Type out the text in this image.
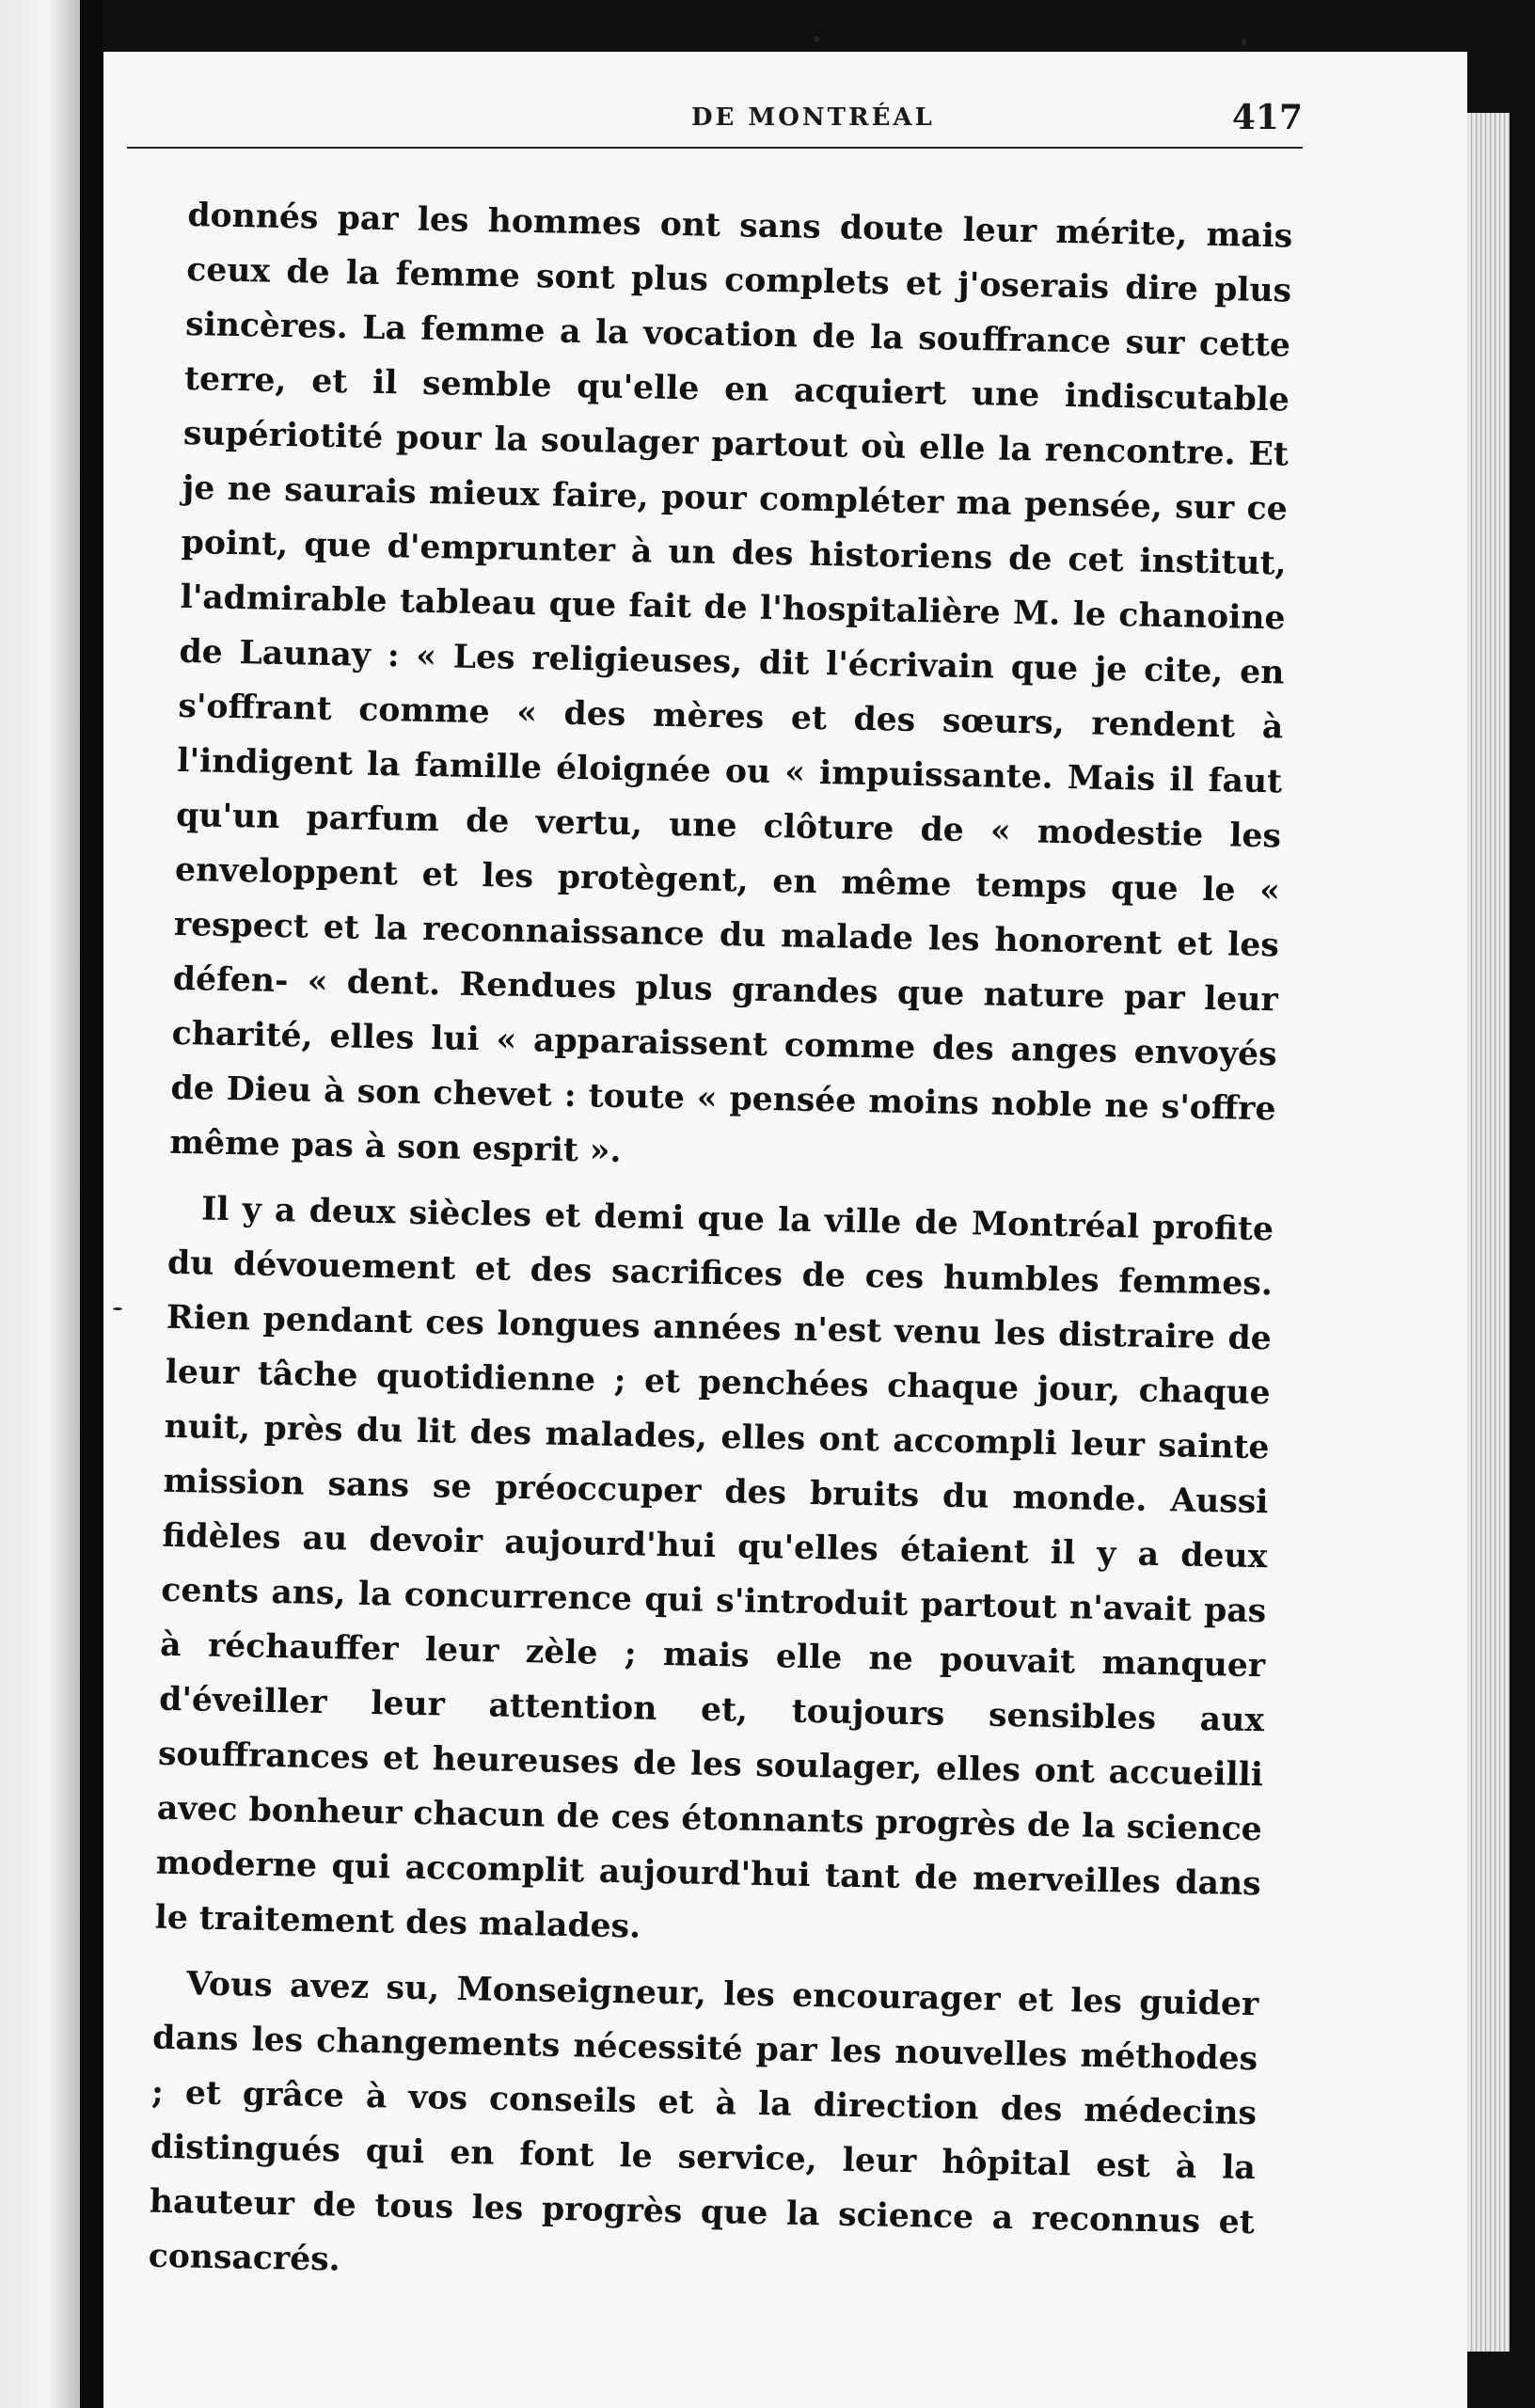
DE MONTRÉAL	417

donnés par les hommes ont sans doute leur mérite, mais ceux de la femme sont plus complets et j'oserais dire plus sincères. La femme a la vocation de la souffrance sur cette terre, et il semble qu'elle en acquiert une indiscutable supériotité pour la soulager partout où elle la rencontre. Et je ne saurais mieux faire, pour compléter ma pensée, sur ce point, que d'emprunter à un des historiens de cet institut, l'admirable tableau que fait de l'hospitalière M. le chanoine de Launay : « Les religieuses, dit l'écrivain que je cite, en s'offrant comme « des mères et des sœurs, rendent à l'indigent la famille éloignée ou « impuissante. Mais il faut qu'un parfum de vertu, une clôture de « modestie les enveloppent et les protègent, en même temps que le « respect et la reconnaissance du malade les honorent et les défen- « dent. Rendues plus grandes que nature par leur charité, elles lui « apparaissent comme des anges envoyés de Dieu à son chevet : toute « pensée moins noble ne s'offre même pas à son esprit ».

Il y a deux siècles et demi que la ville de Montréal profite du dévouement et des sacrifices de ces humbles femmes. Rien pendant ces longues années n'est venu les distraire de leur tâche quotidienne ; et penchées chaque jour, chaque nuit, près du lit des malades, elles ont accompli leur sainte mission sans se préoccuper des bruits du monde. Aussi fidèles au devoir aujourd'hui qu'elles étaient il y a deux cents ans, la concurrence qui s'introduit partout n'avait pas à réchauffer leur zèle ; mais elle ne pouvait manquer d'éveiller leur attention et, toujours sensibles aux souffrances et heureuses de les soulager, elles ont accueilli avec bonheur chacun de ces étonnants progrès de la science moderne qui accomplit aujourd'hui tant de merveilles dans le traitement des malades.

Vous avez su, Monseigneur, les encourager et les guider dans les changements nécessité par les nouvelles méthodes ; et grâce à vos conseils et à la direction des médecins distingués qui en font le service, leur hôpital est à la hauteur de tous les progrès que la science a reconnus et consacrés.
